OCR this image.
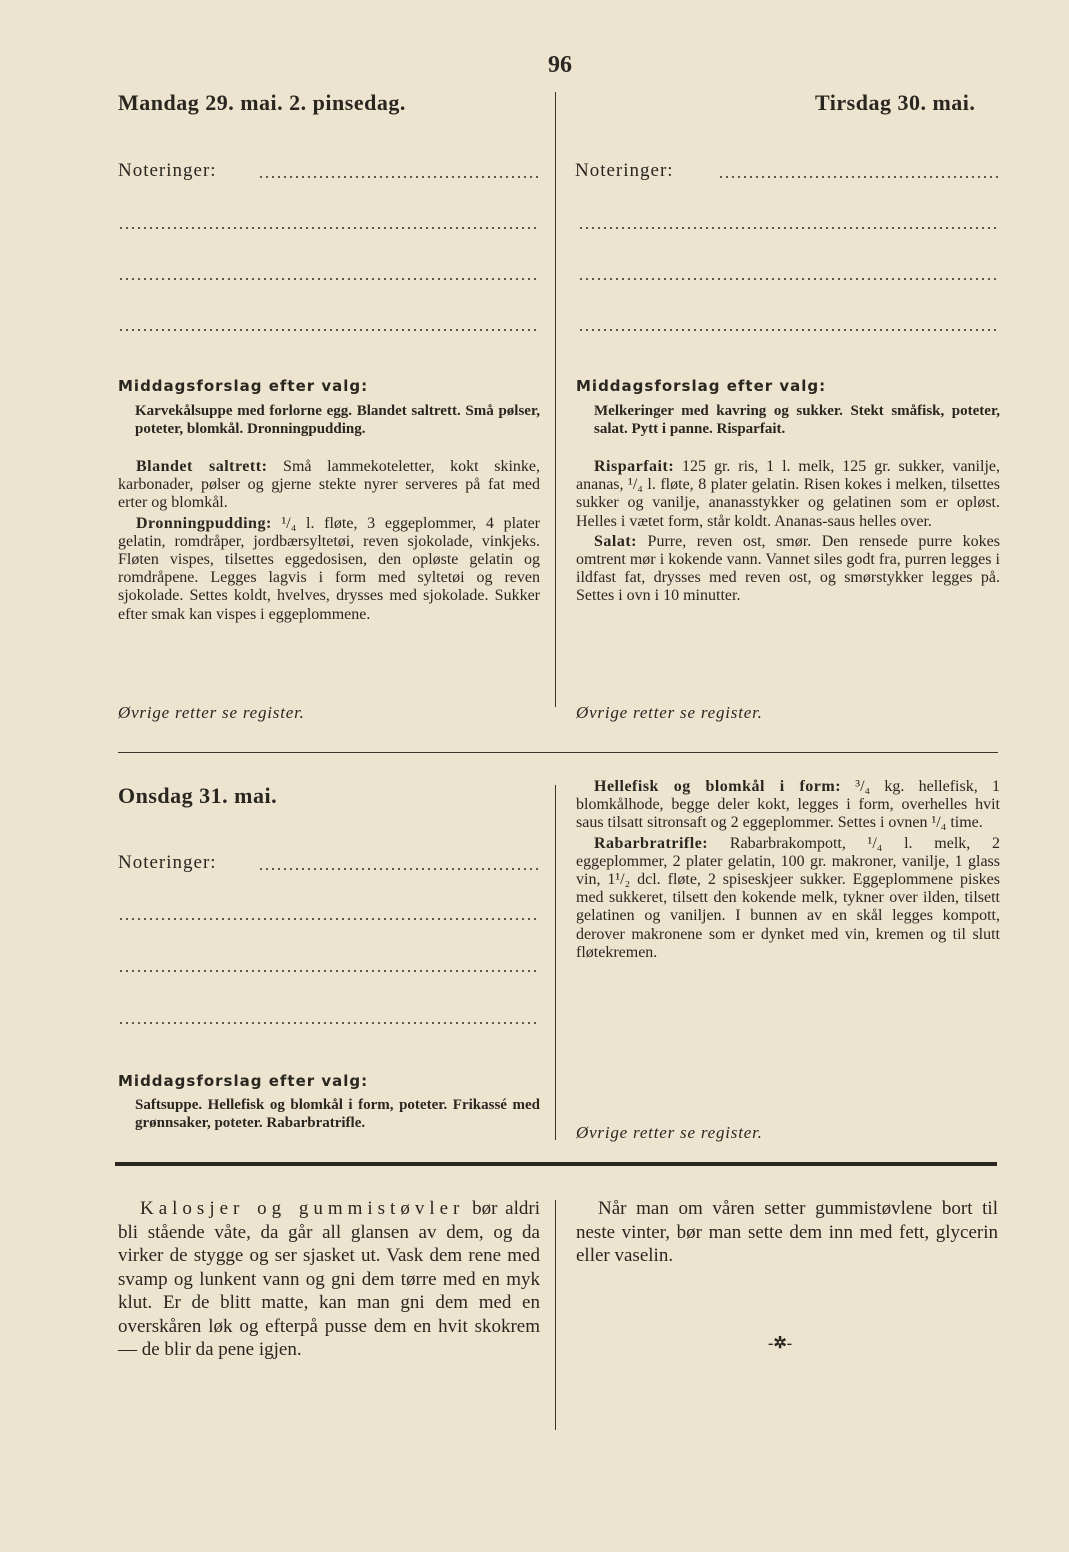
96
Mandag 29. mai. 2. pinsedag.
Noteringer:
Middagsforslag efter valg:
Karvekålsuppe med forlorne egg. Blandet saltrett. Små pølser, poteter, blomkål. Dronningpudding.

Blandet saltrett: Små lammekoteletter, kokt skinke, karbonader, pølser og gjerne stekte nyrer serveres på fat med erter og blomkål.

Dronningpudding: ¹/₄ l. fløte, 3 eggeplommer, 4 plater gelatin, romdråper, jordbærsyltetøi, reven sjokolade, vinkjeks. Fløten vispes, tilsettes eggedosisen, den opløste gelatin og romdråpene. Legges lagvis i form med syltetøi og reven sjokolade. Settes koldt, hvelves, drysses med sjokolade. Sukker efter smak kan vispes i eggeplommene.

Øvrige retter se register.
Tirsdag 30. mai.
Noteringer:
Middagsforslag efter valg:
Melkeringer med kavring og sukker. Stekt småfisk, poteter, salat. Pytt i panne. Risparfait.

Risparfait: 125 gr. ris, 1 l. melk, 125 gr. sukker, vanilje, ananas, ¹/₄ l. fløte, 8 plater gelatin. Risen kokes i melken, tilsettes sukker og vanilje, ananasstykker og gelatinen som er opløst. Helles i vætet form, står koldt. Ananas-saus helles over.

Salat: Purre, reven ost, smør. Den rensede purre kokes omtrent mør i kokende vann. Vannet siles godt fra, purren legges i ildfast fat, drysses med reven ost, og smørstykker legges på. Settes i ovn i 10 minutter.

Øvrige retter se register.
Onsdag 31. mai.
Noteringer:
Middagsforslag efter valg:
Saftsuppe. Hellefisk og blomkål i form, poteter. Frikassé med grønnsaker, poteter. Rabarbratrifle.

Hellefisk og blomkål i form: ³/₄ kg. hellefisk, 1 blomkålhode, begge deler kokt, legges i form, overhelles hvit saus tilsatt sitronsaft og 2 eggeplommer. Settes i ovnen ¹/₄ time.

Rabarbratrifle: Rabarbrakompott, ¹/₄ l. melk, 2 eggeplommer, 2 plater gelatin, 100 gr. makroner, vanilje, 1 glass vin, 1¹/₂ dcl. fløte, 2 spiseskjeer sukker. Eggeplommene piskes med sukkeret, tilsett den kokende melk, tykner over ilden, tilsett gelatinen og vaniljen. I bunnen av en skål legges kompott, derover makronene som er dynket med vin, kremen og til slutt fløtekremen.

Øvrige retter se register.

Kalosjer og gummistøvler bør aldri bli stående våte, da går all glansen av dem, og da virker de stygge og ser sjasket ut. Vask dem rene med svamp og lunkent vann og gni dem tørre med en myk klut. Er de blitt matte, kan man gni dem med en overskåren løk og efterpå pusse dem en hvit skokrem — de blir da pene igjen.

Når man om våren setter gummistøvlene bort til neste vinter, bør man sette dem inn med fett, glycerin eller vaselin.

-✲-
